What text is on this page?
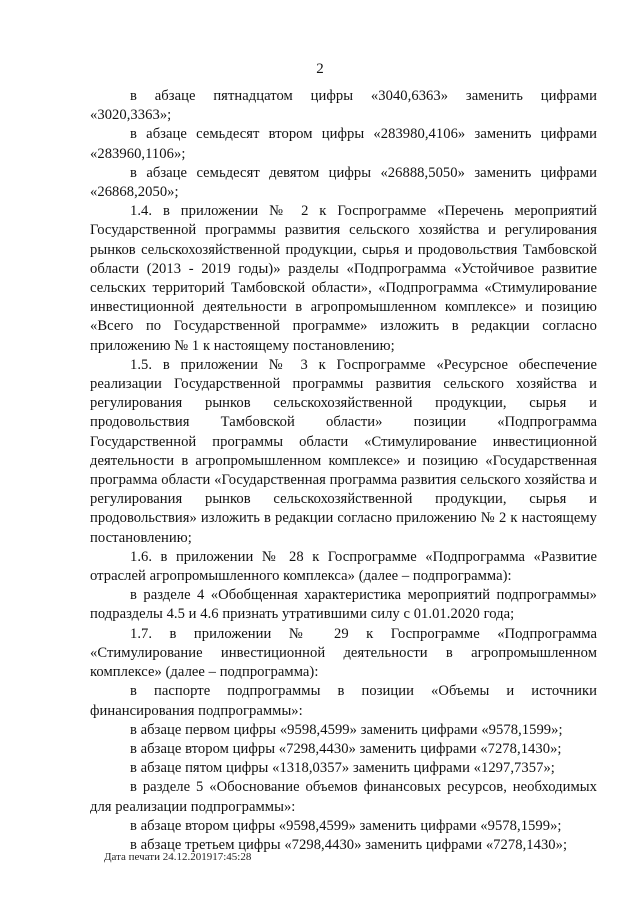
2

в абзаце пятнадцатом цифры «3040,6363» заменить цифрами «3020,3363»;

в абзаце семьдесят втором цифры «283980,4106» заменить цифрами «283960,1106»;

в абзаце семьдесят девятом цифры «26888,5050» заменить цифрами «26868,2050»;

1.4. в приложении № 2 к Госпрограмме «Перечень мероприятий Государственной программы развития сельского хозяйства и регулирования рынков сельскохозяйственной продукции, сырья и продовольствия Тамбовской области (2013 - 2019 годы)» разделы «Подпрограмма «Устойчивое развитие сельских территорий Тамбовской области», «Подпрограмма «Стимулирование инвестиционной деятельности в агропромышленном комплексе» и позицию «Всего по Государственной программе» изложить в редакции согласно приложению № 1 к настоящему постановлению;

1.5. в приложении № 3 к Госпрограмме «Ресурсное обеспечение реализации Государственной программы развития сельского хозяйства и регулирования рынков сельскохозяйственной продукции, сырья и продовольствия Тамбовской области» позиции «Подпрограмма Государственной программы области «Стимулирование инвестиционной деятельности в агропромышленном комплексе» и позицию «Государственная программа области «Государственная программа развития сельского хозяйства и регулирования рынков сельскохозяйственной продукции, сырья и продовольствия» изложить в редакции согласно приложению № 2 к настоящему постановлению;

1.6. в приложении № 28 к Госпрограмме «Подпрограмма «Развитие отраслей агропромышленного комплекса» (далее – подпрограмма):

в разделе 4 «Обобщенная характеристика мероприятий подпрограммы» подразделы 4.5 и 4.6 признать утратившими силу с 01.01.2020 года;

1.7. в приложении № 29 к Госпрограмме «Подпрограмма «Стимулирование инвестиционной деятельности в агропромышленном комплексе» (далее – подпрограмма):

в паспорте подпрограммы в позиции «Объемы и источники финансирования подпрограммы»:

в абзаце первом цифры «9598,4599» заменить цифрами «9578,1599»;

в абзаце втором цифры «7298,4430» заменить цифрами «7278,1430»;

в абзаце пятом цифры «1318,0357» заменить цифрами «1297,7357»;

в разделе 5 «Обоснование объемов финансовых ресурсов, необходимых для реализации подпрограммы»:

в абзаце втором цифры «9598,4599» заменить цифрами «9578,1599»;

в абзаце третьем цифры «7298,4430» заменить цифрами «7278,1430»;

Дата печати 24.12.201917:45:28
